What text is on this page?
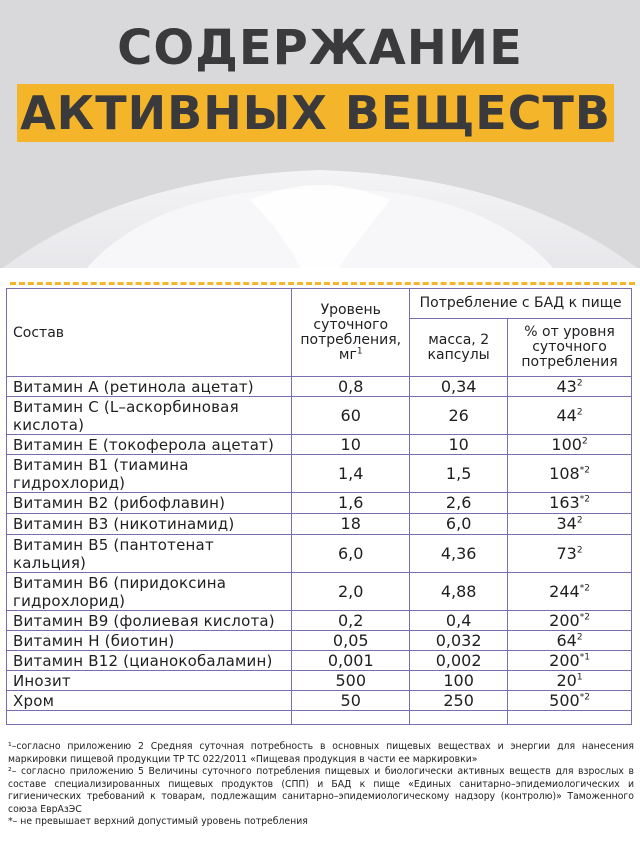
СОДЕРЖАНИЕ
АКТИВНЫХ ВЕЩЕСТВ
Состав	Уровень суточного потребления, $мг^1$	Потребление с БАД к пище	
		масса, 2 капсулы	% от уровня суточного потребления
Витамин А (ретинола ацетат)	0,8	0,34	$43^2$
Витамин С (L–аскорбиновая кислота)	60	26	$44^2$
Витамин Е (токоферола ацетат)	10	10	$100^2$
Витамин В1 (тиамина гидрохлорид)	1,4	1,5	108$^{*2}$
Витамин В2 (рибофлавин)	1,6	2,6	163$^{*2}$
Витамин В3 (никотинамид)	18	6,0	$34^2$
Витамин В5 (пантотенат кальция)	6,0	4,36	$73^2$
Витамин В6 (пиридоксина гидрохлорид)	2,0	4,88	244$^{*2}$
Витамин В9 (фолиевая кислота)	0,2	0,4	200$^{*2}$
Витамин Н (биотин)	0,05	0,032	$64^2$
Витамин В12 (цианокобаламин)	0,001	0,002	200$^{*1}$
Инозит	500	100	$20^1$
Хром	50	250	500$^{*2}$

¹–согласно приложению 2 Средняя суточная потребность в основных пищевых веществах и энергии для нанесения маркировки пищевой продукции ТР ТС 022/2011 «Пищевая продукция в части ее маркировки»

²– согласно приложению 5 Величины суточного потребления пищевых и биологически активных веществ для взрослых в составе специализированных пищевых продуктов (СПП) и БАД к пище «Единых санитарно–эпидемиологических и гигиенических требований к товарам, подлежащим санитарно–эпидемиологическому надзору (контролю)» Таможенного союза ЕврАзЭС

*– не превышает верхний допустимый уровень потребления
